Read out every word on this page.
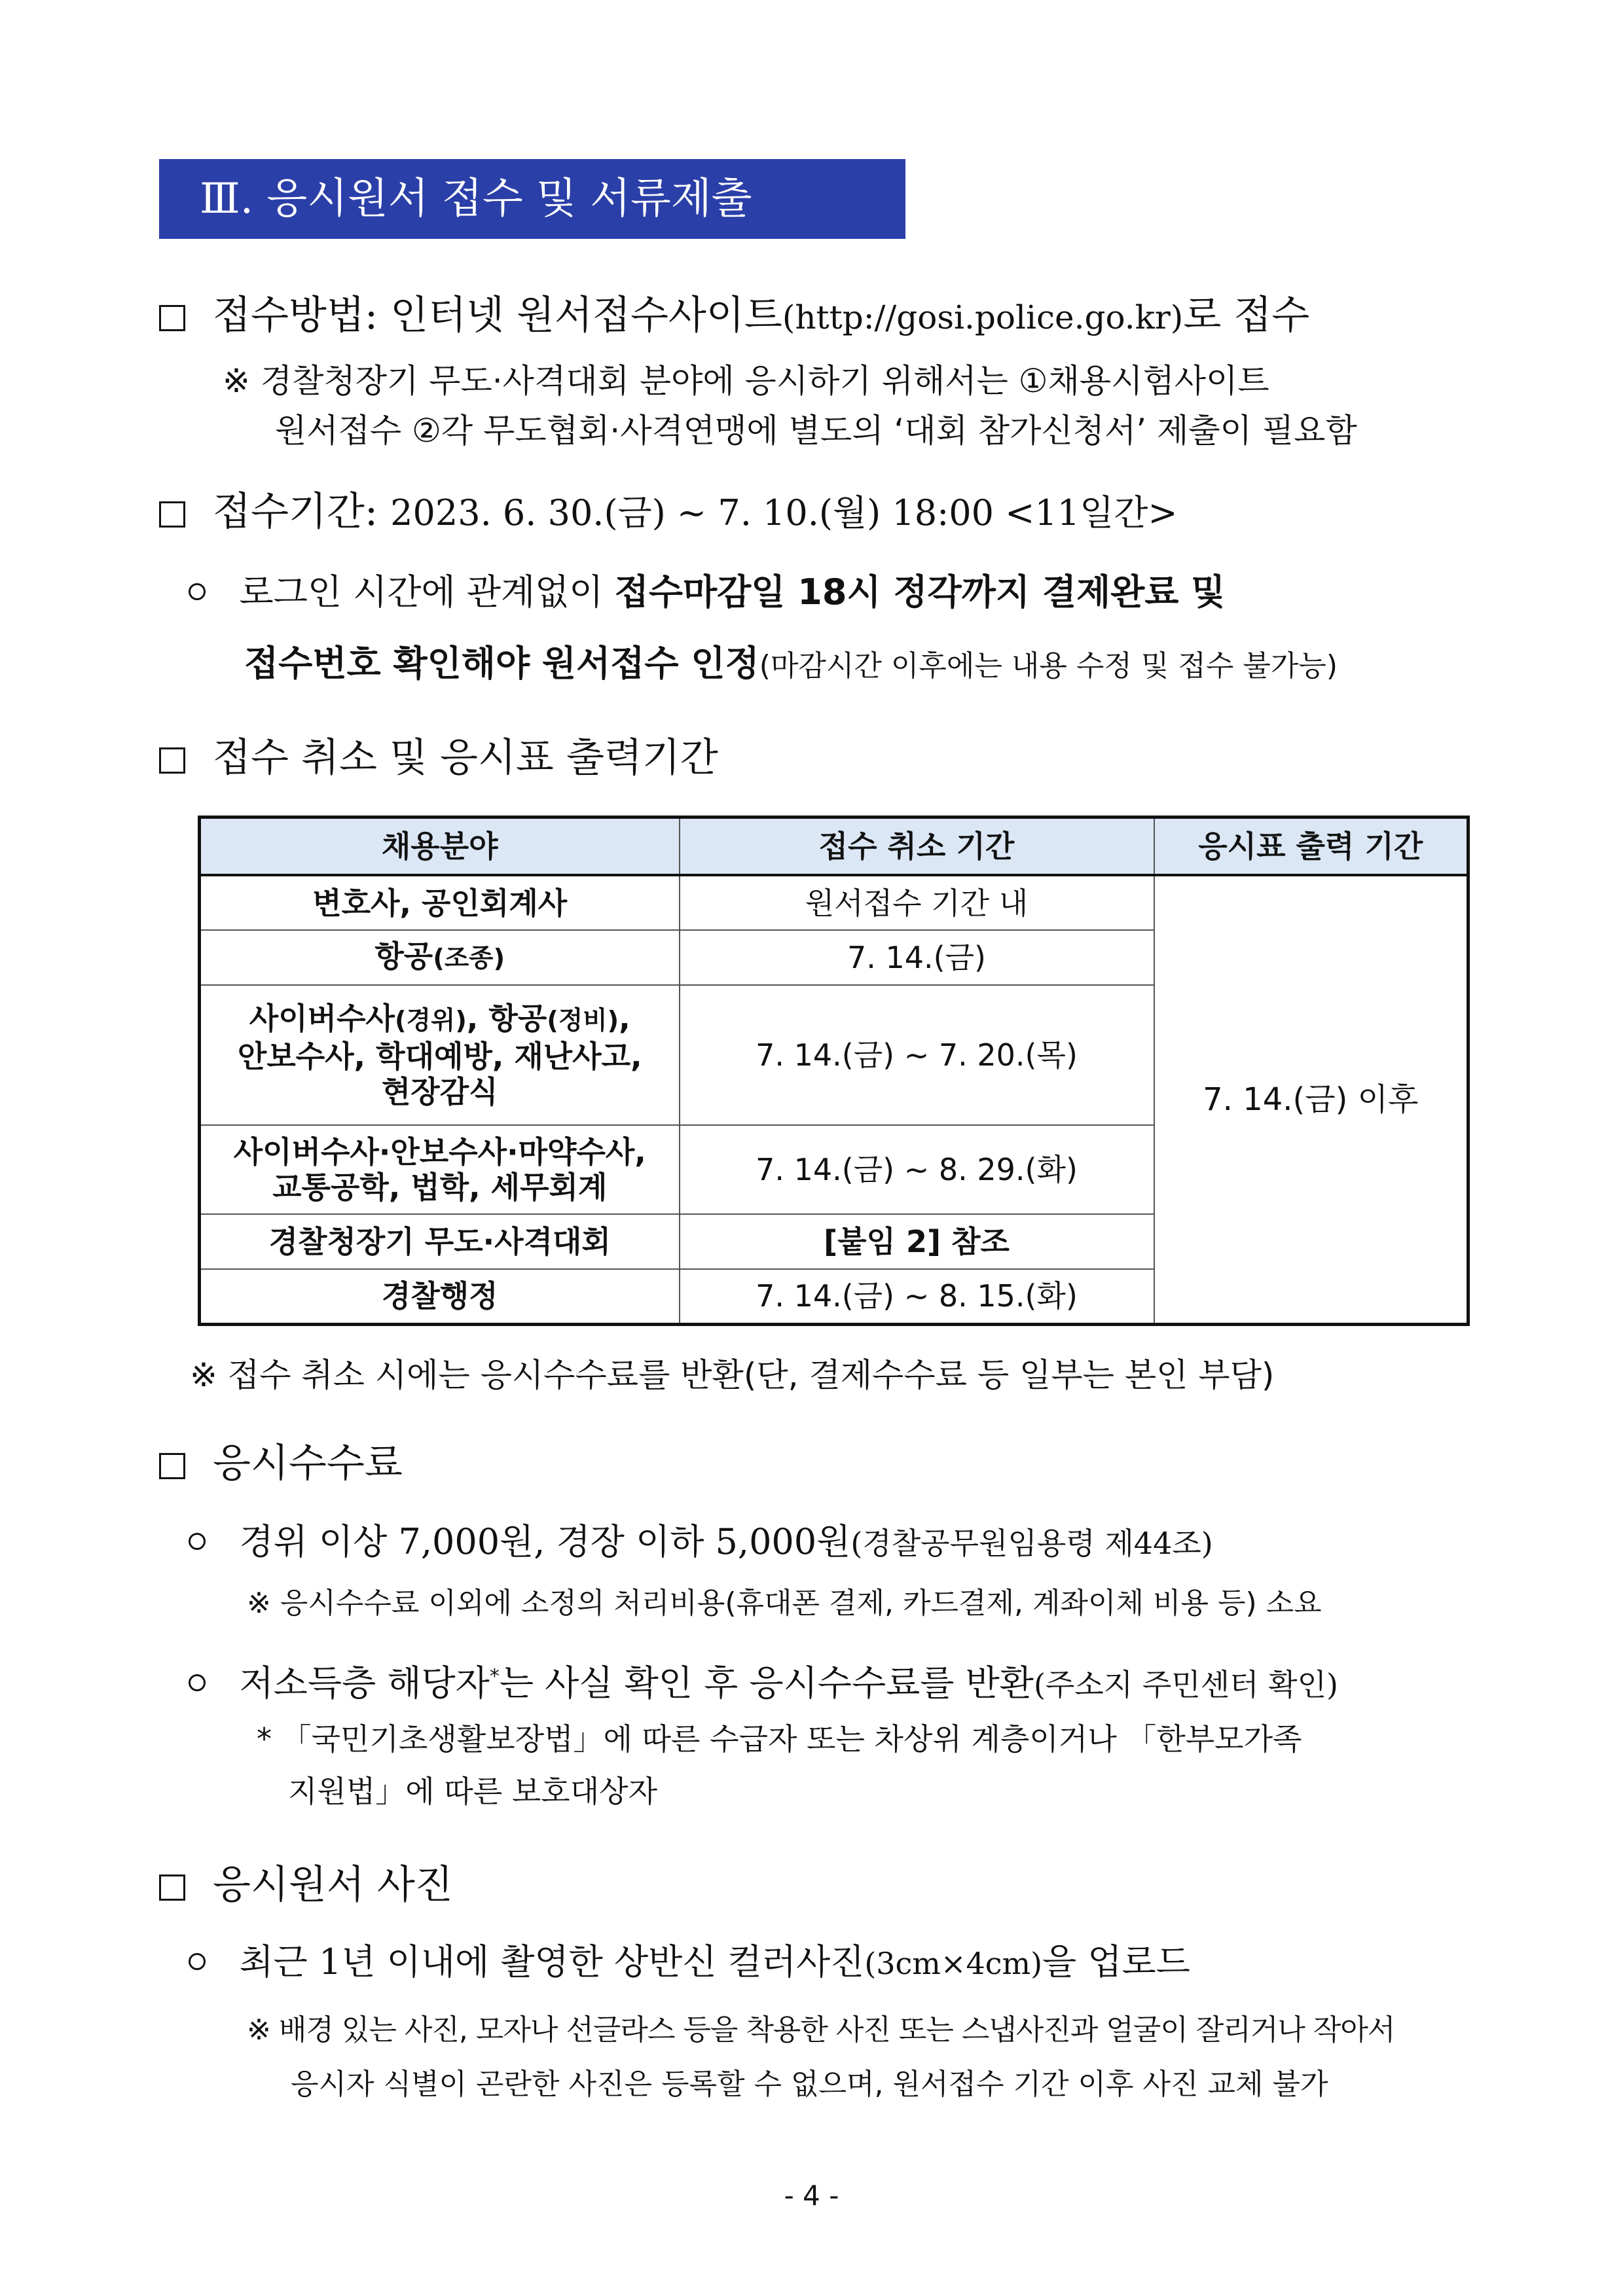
Ⅲ. 응시원서 접수 및 서류제출
접수방법: 인터넷 원서접수사이트(http://gosi.police.go.kr)로 접수
※ 경찰청장기 무도·사격대회 분야에 응시하기 위해서는 ①채용시험사이트
원서접수 ②각 무도협회·사격연맹에 별도의 ‘대회 참가신청서’ 제출이 필요함
접수기간: 2023. 6. 30.(금) ~ 7. 10.(월) 18:00 <11일간>
로그인 시간에 관계없이 접수마감일 18시 정각까지 결제완료 및
접수번호 확인해야 원서접수 인정(마감시간 이후에는 내용 수정 및 접수 불가능)
접수 취소 및 응시표 출력기간
채용분야	접수 취소 기간	응시표 출력 기간
변호사, 공인회계사	원서접수 기간 내	7. 14.(금) 이후
항공(조종)	7. 14.(금)	
사이버수사(경위), 항공(정비),
안보수사, 학대예방, 재난사고,
현장감식	7. 14.(금) ~ 7. 20.(목)	
사이버수사·안보수사·마약수사,
교통공학, 법학, 세무회계	7. 14.(금) ~ 8. 29.(화)	
경찰청장기 무도·사격대회	[붙임 2] 참조	
경찰행정	7. 14.(금) ~ 8. 15.(화)	
※ 접수 취소 시에는 응시수수료를 반환(단, 결제수수료 등 일부는 본인 부담)
응시수수료
경위 이상 7,000원, 경장 이하 5,000원(경찰공무원임용령 제44조)
※ 응시수수료 이외에 소정의 처리비용(휴대폰 결제, 카드결제, 계좌이체 비용 등) 소요
저소득층 해당자*는 사실 확인 후 응시수수료를 반환(주소지 주민센터 확인)
* 「국민기초생활보장법」에 따른 수급자 또는 차상위 계층이거나 「한부모가족
지원법」에 따른 보호대상자
응시원서 사진
최근 1년 이내에 촬영한 상반신 컬러사진(3cm×4cm)을 업로드
※ 배경 있는 사진, 모자나 선글라스 등을 착용한 사진 또는 스냅사진과 얼굴이 잘리거나 작아서
응시자 식별이 곤란한 사진은 등록할 수 없으며, 원서접수 기간 이후 사진 교체 불가
- 4 -
